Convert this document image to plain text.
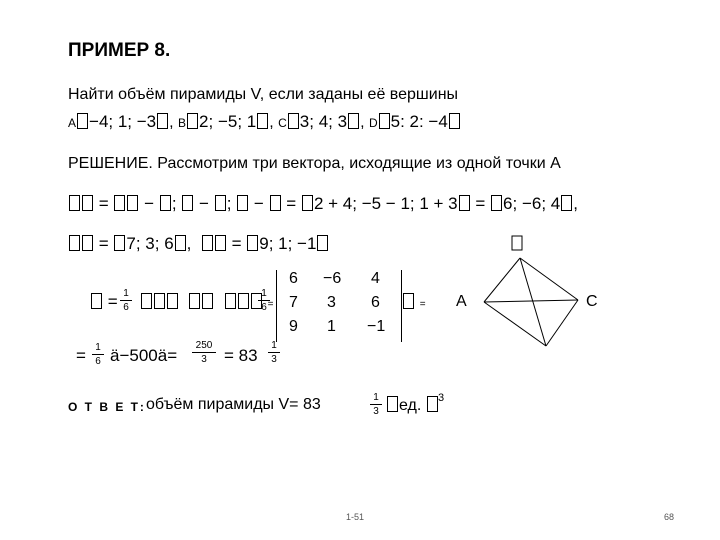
ПРИМЕР 8.
Найти объём пирамиды V, если заданы её вершины
A −4; 1; −3 , B 2; −5; 1 , C 3; 4; 3 , D 5: 2: −4
РЕШЕНИЕ. Рассмотрим три вектора, исходящие из одной точки А
= − ; − ; − = 2 + 4; −5 − 1; 1 + 3 = 6; −6; 4 ,
= 7; 3; 6 ,   = 9; 1; −1
= 1
6	=
1
6
6 −6 4
7 3 6
9 1 −1
=
= 1
6 ä−500ä=
250
3	= 83
1
3
A	C
О Т В Е Т: объём пирамиды V= 83	1
3	ед.	3
1-51	68
